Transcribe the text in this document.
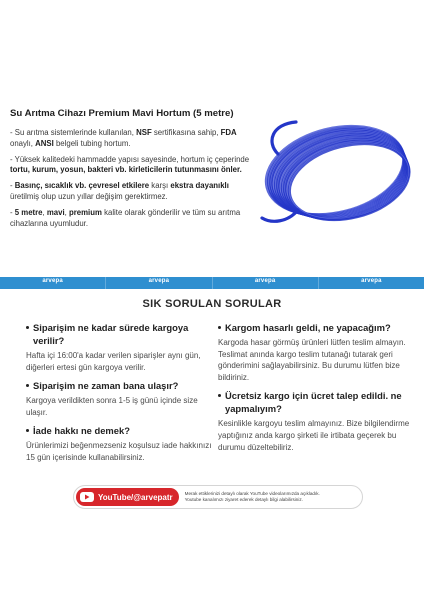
Su Arıtma Cihazı Premium Mavi Hortum (5 metre)

- Su arıtma sistemlerinde kullanılan, NSF sertifikasına sahip, FDA onaylı, ANSI belgeli tubing hortum.

- Yüksek kalitedeki hammadde yapısı sayesinde, hortum iç çeperinde tortu, kurum, yosun, bakteri vb. kirleticilerin tutunmasını önler.

- Basınç, sıcaklık vb. çevresel etkilere karşı ekstra dayanıklı üretilmiş olup uzun yıllar değişim gerektirmez.

- 5 metre, mavi, premium kalite olarak gönderilir ve tüm su arıtma cihazlarına uyumludur.

arvepa	arvepa	arvepa	arvepa
SIK SORULAN SORULAR
Siparişim ne kadar sürede kargoya verilir?
Hafta içi 16:00'a kadar verilen siparişler aynı gün, diğerleri ertesi gün kargoya verilir.
Siparişim ne zaman bana ulaşır?
Kargoya verildikten sonra 1-5 iş günü içinde size ulaşır.
İade hakkı ne demek?
Ürünlerimizi beğenmezseniz koşulsuz iade hakkınızı 15 gün içerisinde kullanabilirsiniz.
Kargom hasarlı geldi, ne yapacağım?
Kargoda hasar görmüş ürünleri lütfen teslim almayın. Teslimat anında kargo teslim tutanağı tutarak geri gönderimini sağlayabilirsiniz. Bu durumu lütfen bize bildiriniz.
Ücretsiz kargo için ücret talep edildi. ne yapmalıyım?
Kesinlikle kargoyu teslim almayınız. Bize bilgilendirme yaptığınız anda kargo şirketi ile irtibata geçerek bu durumu düzeltebiliriz.
YouTube/@arvepatr	Merak ettiklerinizi detaylı olarak YouTube videolarımızda açıkladık.
Youtube kanalımızı ziyaret ederek detaylı bilgi alabilirsiniz.
